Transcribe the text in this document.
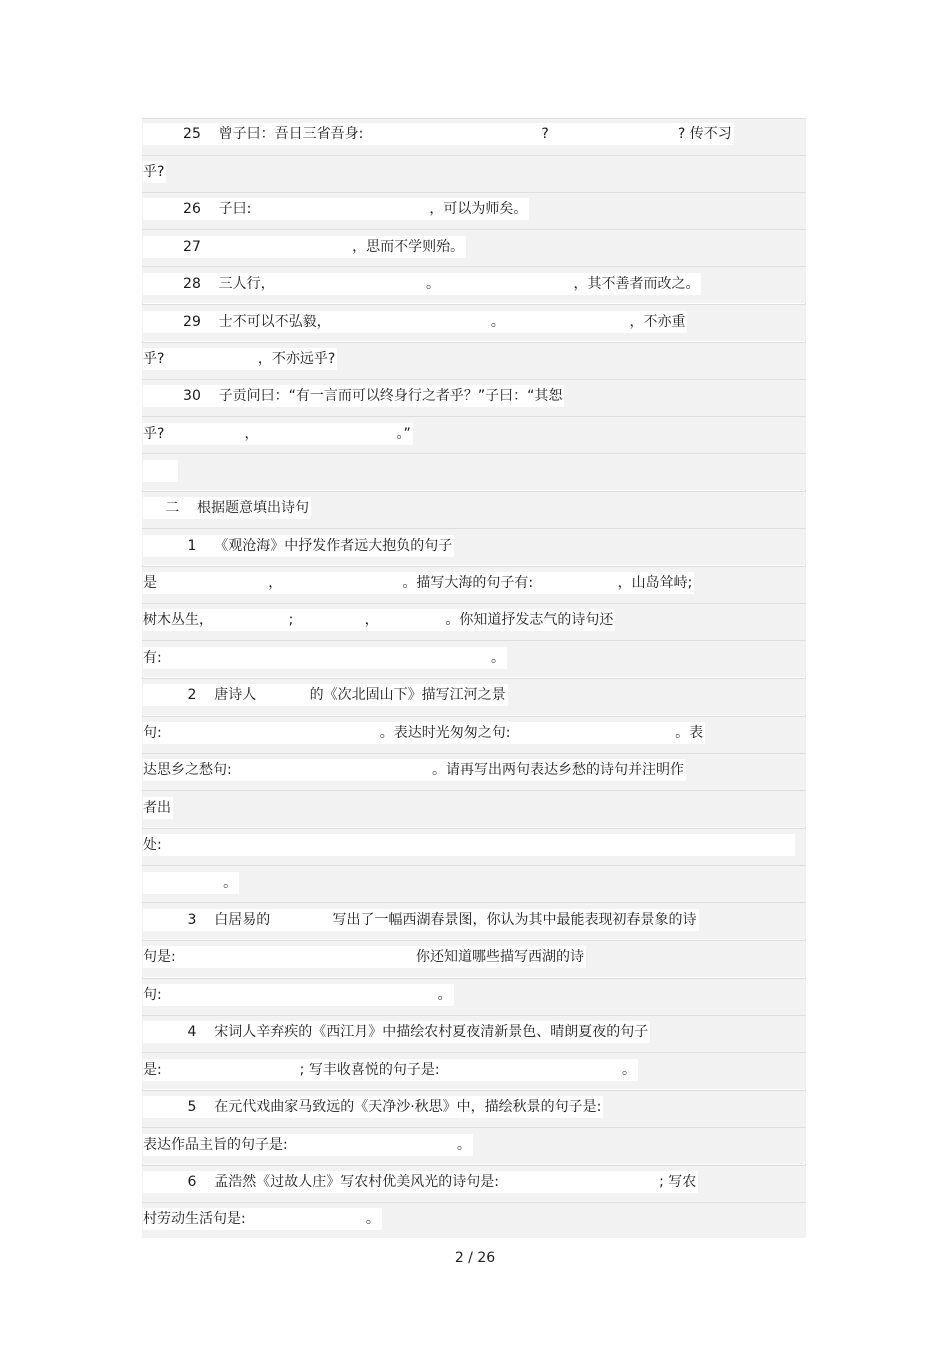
25    曾子曰：吾日三省吾身:                                        ?                             ? 传不习
乎?
26    子曰:                                        ，可以为师矣。
27                                  ，思而不学则殆。
28    三人行，                                  。                              ，其不善者而改之。
29    士不可以不弘毅，                                    。                            ，不亦重
乎?                     ，不亦远乎?
30    子贡问曰：“有一言而可以终身行之者乎？”子曰：“其恕
乎?                  ，                               。”
二    根据题意填出诗句
1    《观沧海》中抒发作者远大抱负的句子
是                         ，                           。描写大海的句子有:                   ，山岛耸峙;
树木丛生，                 ;                ，               。你知道抒发志气的诗句还
有:                                                                          。
2    唐诗人            的《次北固山下》描写江河之景
句:                                                 。表达时光匆匆之句:                                     。表
达思乡之愁句:                                             。请再写出两句表达乡愁的诗句并注明作
者出
处:
。
3    白居易的              写出了一幅西湖春景图，你认为其中最能表现初春景象的诗
句是:                                                      你还知道哪些描写西湖的诗
句:                                                              。
4    宋词人辛弃疾的《西江月》中描绘农村夏夜清新景色、晴朗夏夜的句子
是:                               ; 写丰收喜悦的句子是:                                         。
5    在元代戏曲家马致远的《天净沙·秋思》中，描绘秋景的句子是:
表达作品主旨的句子是:                                      。
6    孟浩然《过故人庄》写农村优美风光的诗句是:                                    ; 写农
村劳动生活句是:                           。
2 / 26
